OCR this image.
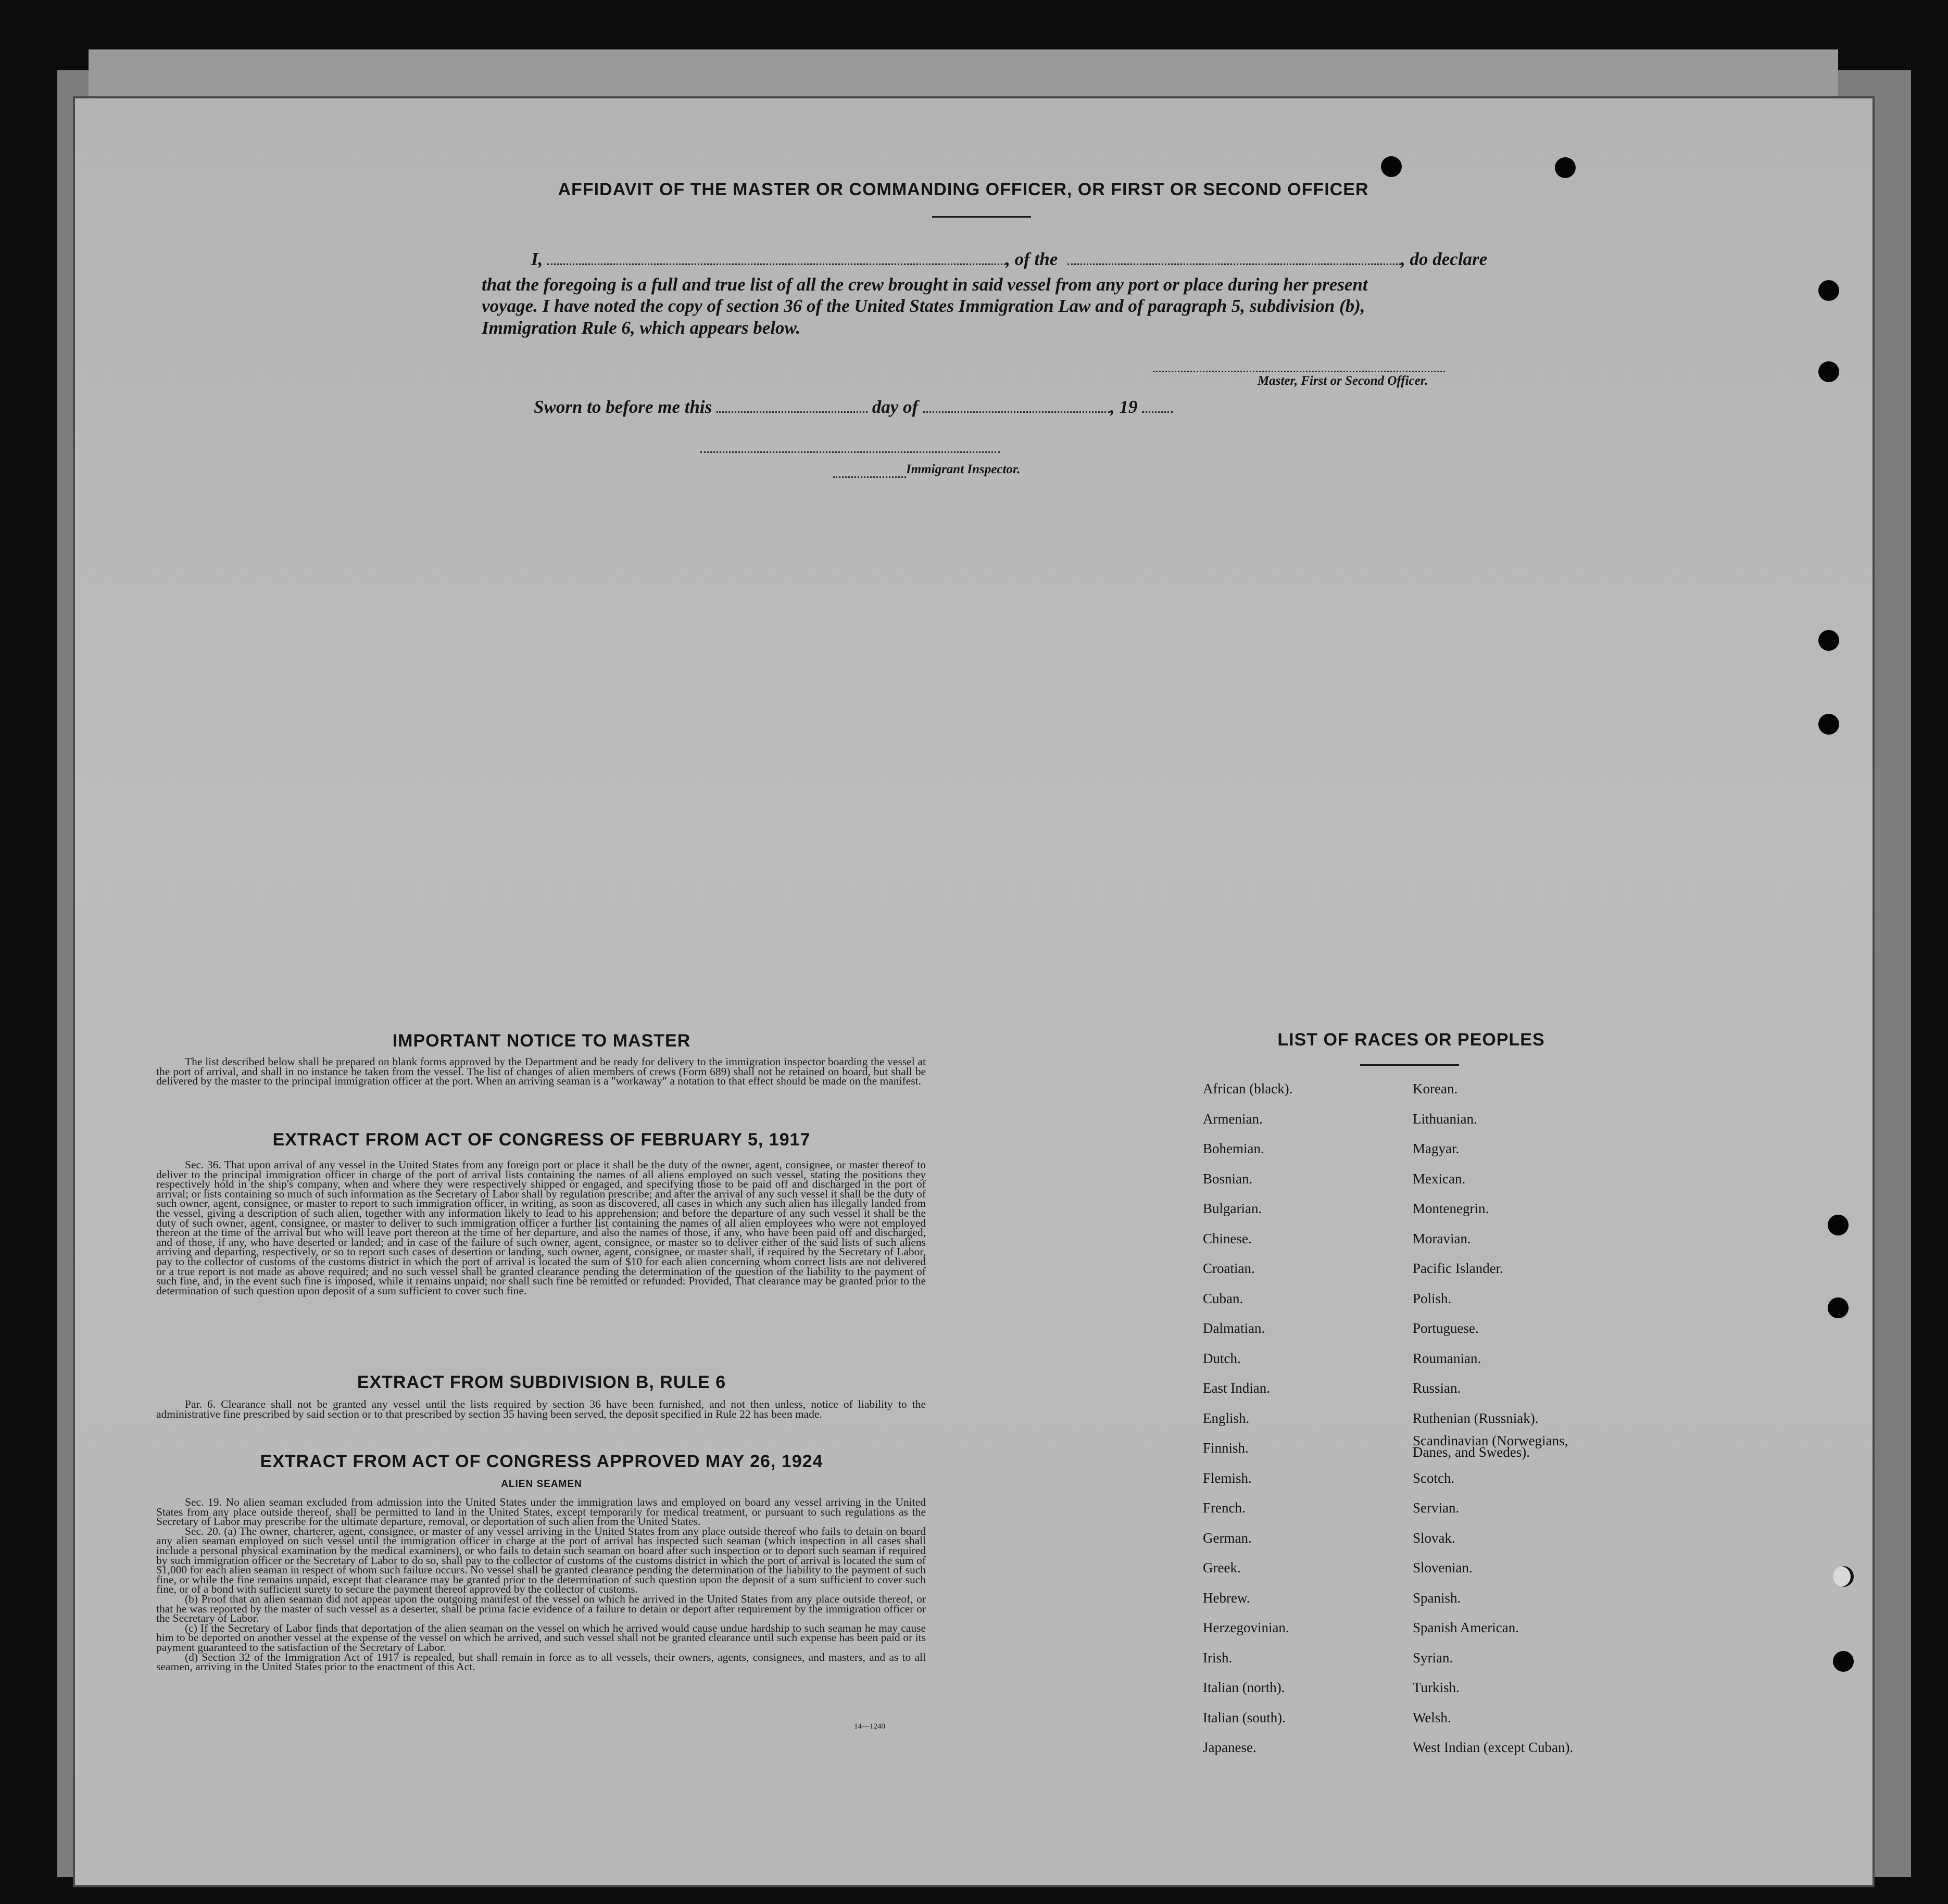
AFFIDAVIT OF THE MASTER OR COMMANDING OFFICER, OR FIRST OR SECOND OFFICER
I,	, of the	, do declare
that the foregoing is a full and true list of all the crew brought in said vessel from any port or place during her present
voyage. I have noted the copy of section 36 of the United States Immigration Law and of paragraph 5, subdivision (b),
Immigration Rule 6, which appears below.
Master, First or Second Officer.
Sworn to before me this	day of	, 19
Immigrant Inspector.
IMPORTANT NOTICE TO MASTER
The list described below shall be prepared on blank forms approved by the Department and be ready for delivery to the immigration inspector boarding the vessel at the port of arrival, and shall in no instance be taken from the vessel. The list of changes of alien members of crews (Form 689) shall not be retained on board, but shall be delivered by the master to the principal immigration officer at the port. When an arriving seaman is a "workaway" a notation to that effect should be made on the manifest.
EXTRACT FROM ACT OF CONGRESS OF FEBRUARY 5, 1917
Sec. 36. That upon arrival of any vessel in the United States from any foreign port or place it shall be the duty of the owner, agent, consignee, or master thereof to deliver to the principal immigration officer in charge of the port of arrival lists containing the names of all aliens employed on such vessel, stating the positions they respectively hold in the ship's company, when and where they were respectively shipped or engaged, and specifying those to be paid off and discharged in the port of arrival; or lists containing so much of such information as the Secretary of Labor shall by regulation prescribe; and after the arrival of any such vessel it shall be the duty of such owner, agent, consignee, or master to report to such immigration officer, in writing, as soon as discovered, all cases in which any such alien has illegally landed from the vessel, giving a description of such alien, together with any information likely to lead to his apprehension; and before the departure of any such vessel it shall be the duty of such owner, agent, consignee, or master to deliver to such immigration officer a further list containing the names of all alien employees who were not employed thereon at the time of the arrival but who will leave port thereon at the time of her departure, and also the names of those, if any, who have been paid off and discharged, and of those, if any, who have deserted or landed; and in case of the failure of such owner, agent, consignee, or master so to deliver either of the said lists of such aliens arriving and departing, respectively, or so to report such cases of desertion or landing, such owner, agent, consignee, or master shall, if required by the Secretary of Labor, pay to the collector of customs of the customs district in which the port of arrival is located the sum of $10 for each alien concerning whom correct lists are not delivered or a true report is not made as above required; and no such vessel shall be granted clearance pending the determination of the question of the liability to the payment of such fine, and, in the event such fine is imposed, while it remains unpaid; nor shall such fine be remitted or refunded: Provided, That clearance may be granted prior to the determination of such question upon deposit of a sum sufficient to cover such fine.
EXTRACT FROM SUBDIVISION B, RULE 6
Par. 6. Clearance shall not be granted any vessel until the lists required by section 36 have been furnished, and not then unless, notice of liability to the administrative fine prescribed by said section or to that prescribed by section 35 having been served, the deposit specified in Rule 22 has been made.
EXTRACT FROM ACT OF CONGRESS APPROVED MAY 26, 1924
ALIEN SEAMEN

Sec. 19. No alien seaman excluded from admission into the United States under the immigration laws and employed on board any vessel arriving in the United States from any place outside thereof, shall be permitted to land in the United States, except temporarily for medical treatment, or pursuant to such regulations as the Secretary of Labor may prescribe for the ultimate departure, removal, or deportation of such alien from the United States.

Sec. 20. (a) The owner, charterer, agent, consignee, or master of any vessel arriving in the United States from any place outside thereof who fails to detain on board any alien seaman employed on such vessel until the immigration officer in charge at the port of arrival has inspected such seaman (which inspection in all cases shall include a personal physical examination by the medical examiners), or who fails to detain such seaman on board after such inspection or to deport such seaman if required by such immigration officer or the Secretary of Labor to do so, shall pay to the collector of customs of the customs district in which the port of arrival is located the sum of $1,000 for each alien seaman in respect of whom such failure occurs. No vessel shall be granted clearance pending the determination of the liability to the payment of such fine, or while the fine remains unpaid, except that clearance may be granted prior to the determination of such question upon the deposit of a sum sufficient to cover such fine, or of a bond with sufficient surety to secure the payment thereof approved by the collector of customs.

(b) Proof that an alien seaman did not appear upon the outgoing manifest of the vessel on which he arrived in the United States from any place outside thereof, or that he was reported by the master of such vessel as a deserter, shall be prima facie evidence of a failure to detain or deport after requirement by the immigration officer or the Secretary of Labor.

(c) If the Secretary of Labor finds that deportation of the alien seaman on the vessel on which he arrived would cause undue hardship to such seaman he may cause him to be deported on another vessel at the expense of the vessel on which he arrived, and such vessel shall not be granted clearance until such expense has been paid or its payment guaranteed to the satisfaction of the Secretary of Labor.

(d) Section 32 of the Immigration Act of 1917 is repealed, but shall remain in force as to all vessels, their owners, agents, consignees, and masters, and as to all seamen, arriving in the United States prior to the enactment of this Act.

14—1240
LIST OF RACES OR PEOPLES
African (black).
Armenian.
Bohemian.
Bosnian.
Bulgarian.
Chinese.
Croatian.
Cuban.
Dalmatian.
Dutch.
East Indian.
English.
Finnish.
Flemish.
French.
German.
Greek.
Hebrew.
Herzegovinian.
Irish.
Italian (north).
Italian (south).
Japanese.
Korean.
Lithuanian.
Magyar.
Mexican.
Montenegrin.
Moravian.
Pacific Islander.
Polish.
Portuguese.
Roumanian.
Russian.
Ruthenian (Russniak).
Scandinavian (Norwegians, Danes, and Swedes).
Scotch.
Servian.
Slovak.
Slovenian.
Spanish.
Spanish American.
Syrian.
Turkish.
Welsh.
West Indian (except Cuban).
